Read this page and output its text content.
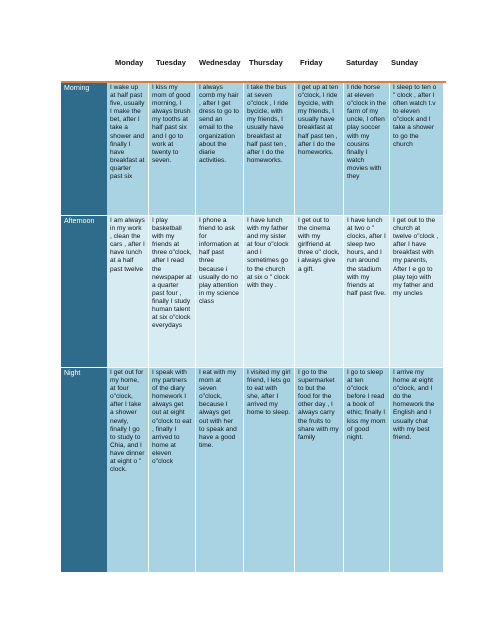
Monday Tuesday Wednesday Thursday Friday	Saturday Sunday
Morning	I wake up at half past five, usually I make the bet, after I take a shower and finally I have breakfast at quarter past six
I kiss my mom of good morning, I always brush my tooths at half past six and I go to work at twenty to seven.
I always comb my hair , after I get dress to go to send an email to the organization about the diarie activities.
I take the bus at seven o"clock , I ride bycicle, with my friends, I usually have breakfast at half past ten , after I do the homeworks.
I get up at ten o"clock, I ride bycicle, with my friends, I usually have breakfast at half past ten , after I do the homeworks.
I ride horse at eleven o"clock in the farm of my uncle, I often play soccer with my cousins finally I watch movies with they
I sleep to ten o " clock , after I often watch t.v to eleven o"clock and I take a shower to go the church
Afternoon	I am always in my work , clean the cars , after I have lunch at a half past twelve
I play basketball with my friends at three o"clock, after I read the newspaper at a quarter past four , finally I study human talent at six o"clock everydays
I phone a friend to ask for information at half past three because i usually do no play attention in my science class
I have lunch with my father and my sister at four o"clock and I sometimes go to the church at six o " clock with they .
I get out to the cinema with my girlfriend at three o" clock, i always give a gift.
I have lunch at two o " clocks, after I sleep two hours, and I run around the stadium with my friends at half past five.
I get out to the church at twelve o"clock , after I have breakfast with my parents, After I e go to play tejo with my father and my uncles
Night	I get out for my home, at four o"clock, after I take a shower newly, finally I go to study to Chia, and I have dinner at eight o " clock.
I speak with my partners of the diary homework I always get out at eight o"clock to eat , finally I arrived to home at eleven o"clock
I eat with my mom at seven o"clock, because I always get out with her to speak and have a good time.
I visited my girl friend, I lets go to eat with she, after I arrived my home to sleep.
I go to the supermarket to but the food for the other day , I always carry the fruits to share with my family
I go to sleep at ten o"clock before I read a book of ethic; finally I kiss my mom of good night.
I arrive my home at eight o"clock, and I do the homework the English and I usually chat with my best friend.
